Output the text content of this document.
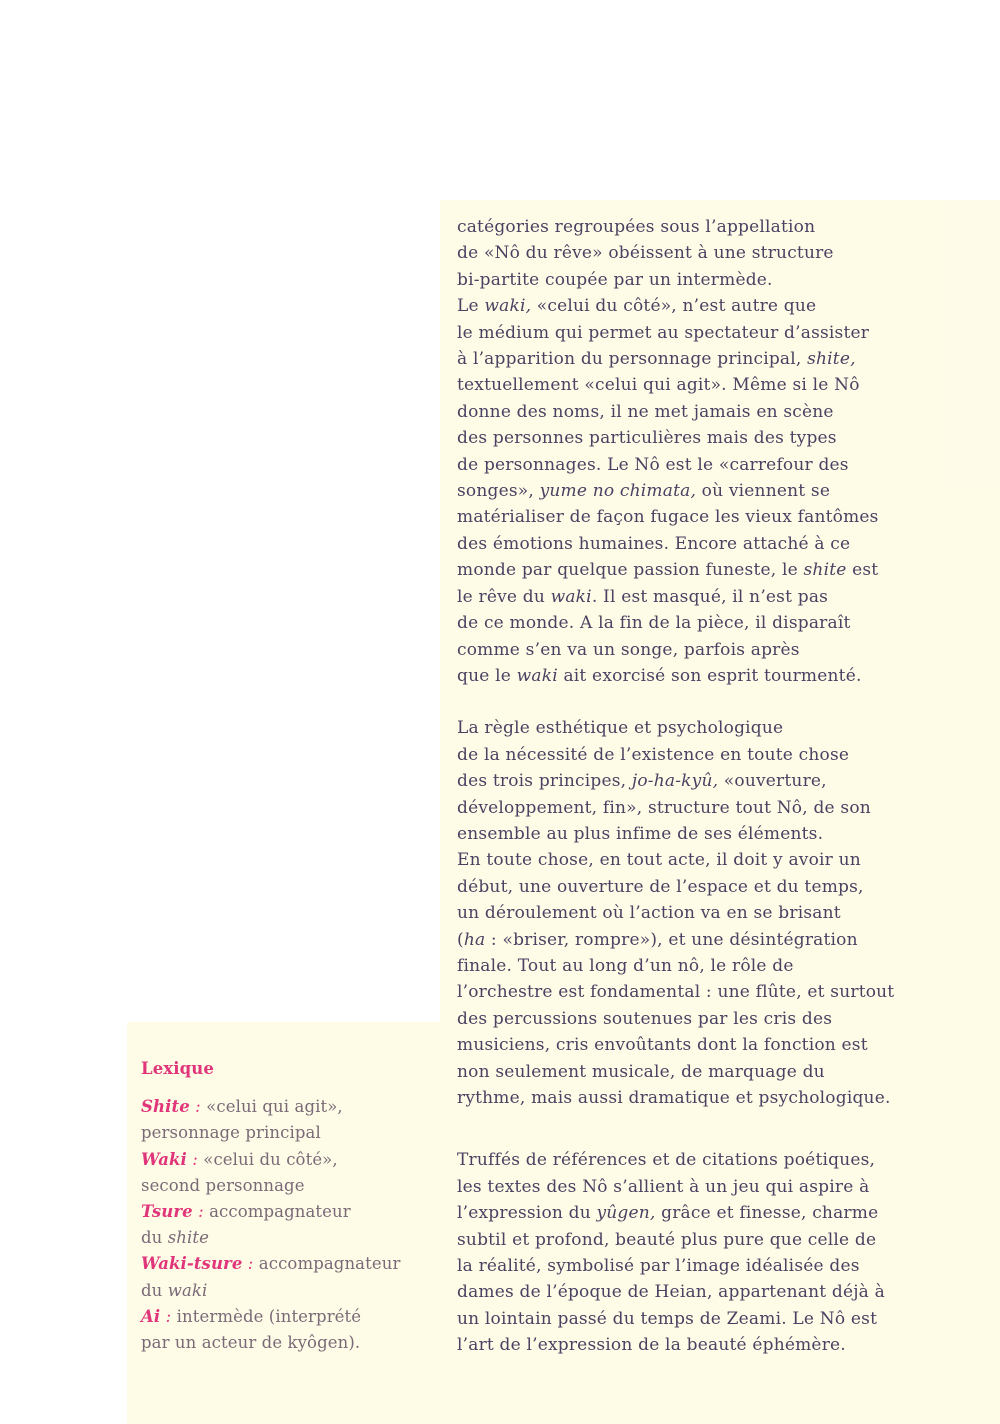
catégories regroupées sous l’appellation
de «Nô du rêve» obéissent à une structure
bi-partite coupée par un intermède.
Le waki, «celui du côté», n’est autre que
le médium qui permet au spectateur d’assister
à l’apparition du personnage principal, shite,
textuellement «celui qui agit». Même si le Nô
donne des noms, il ne met jamais en scène
des personnes particulières mais des types
de personnages. Le Nô est le «carrefour des
songes», yume no chimata, où viennent se
matérialiser de façon fugace les vieux fantômes
des émotions humaines. Encore attaché à ce
monde par quelque passion funeste, le shite est
le rêve du waki. Il est masqué, il n’est pas
de ce monde. A la fin de la pièce, il disparaît
comme s’en va un songe, parfois après
que le waki ait exorcisé son esprit tourmenté.
La règle esthétique et psychologique
de la nécessité de l’existence en toute chose
des trois principes, jo-ha-kyû, «ouverture,
développement, fin», structure tout Nô, de son
ensemble au plus infime de ses éléments.
En toute chose, en tout acte, il doit y avoir un
début, une ouverture de l’espace et du temps,
un déroulement où l’action va en se brisant
(ha : «briser, rompre»), et une désintégration
finale. Tout au long d’un nô, le rôle de
l’orchestre est fondamental : une flûte, et surtout
des percussions soutenues par les cris des
musiciens, cris envoûtants dont la fonction est
non seulement musicale, de marquage du
rythme, mais aussi dramatique et psychologique.
Truffés de références et de citations poétiques,
les textes des Nô s’allient à un jeu qui aspire à
l’expression du yûgen, grâce et finesse, charme
subtil et profond, beauté plus pure que celle de
la réalité, symbolisé par l’image idéalisée des
dames de l’époque de Heian, appartenant déjà à
un lointain passé du temps de Zeami. Le Nô est
l’art de l’expression de la beauté éphémère.
Lexique
Shite : «celui qui agit»,
personnage principal
Waki : «celui du côté»,
second personnage
Tsure : accompagnateur
du shite
Waki-tsure : accompagnateur
du waki
Ai : intermède (interprété
par un acteur de kyôgen).
